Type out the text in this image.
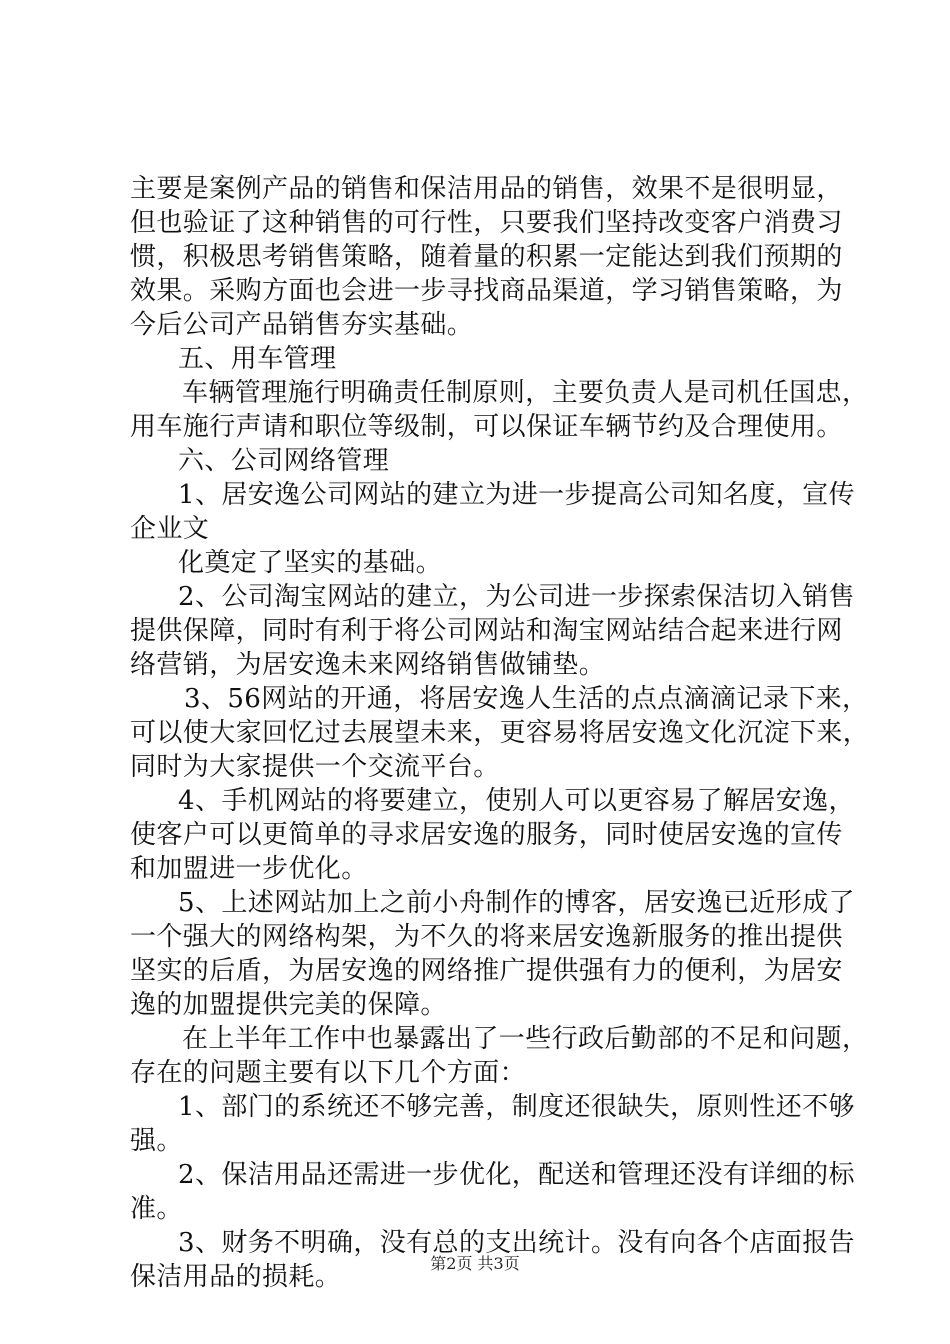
主要是案例产品的销售和保洁用品的销售，效果不是很明显，
但也验证了这种销售的可行性，只要我们坚持改变客户消费习
惯，积极思考销售策略，随着量的积累一定能达到我们预期的
效果。采购方面也会进一步寻找商品渠道，学习销售策略，为
今后公司产品销售夯实基础。
五、用车管理
车辆管理施行明确责任制原则，主要负责人是司机任国忠，
用车施行声请和职位等级制，可以保证车辆节约及合理使用。
六、公司网络管理
1、居安逸公司网站的建立为进一步提高公司知名度，宣传
企业文
化奠定了坚实的基础。
2、公司淘宝网站的建立，为公司进一步探索保洁切入销售
提供保障，同时有利于将公司网站和淘宝网站结合起来进行网
络营销，为居安逸未来网络销售做铺垫。
3、56网站的开通，将居安逸人生活的点点滴滴记录下来，
可以使大家回忆过去展望未来，更容易将居安逸文化沉淀下来，
同时为大家提供一个交流平台。
4、手机网站的将要建立，使别人可以更容易了解居安逸，
使客户可以更简单的寻求居安逸的服务，同时使居安逸的宣传
和加盟进一步优化。
5、上述网站加上之前小舟制作的博客，居安逸已近形成了
一个强大的网络构架，为不久的将来居安逸新服务的推出提供
坚实的后盾，为居安逸的网络推广提供强有力的便利，为居安
逸的加盟提供完美的保障。
在上半年工作中也暴露出了一些行政后勤部的不足和问题，
存在的问题主要有以下几个方面：
1、部门的系统还不够完善，制度还很缺失，原则性还不够
强。
2、保洁用品还需进一步优化，配送和管理还没有详细的标
准。
3、财务不明确，没有总的支出统计。没有向各个店面报告
保洁用品的损耗。	第2页 共3页
